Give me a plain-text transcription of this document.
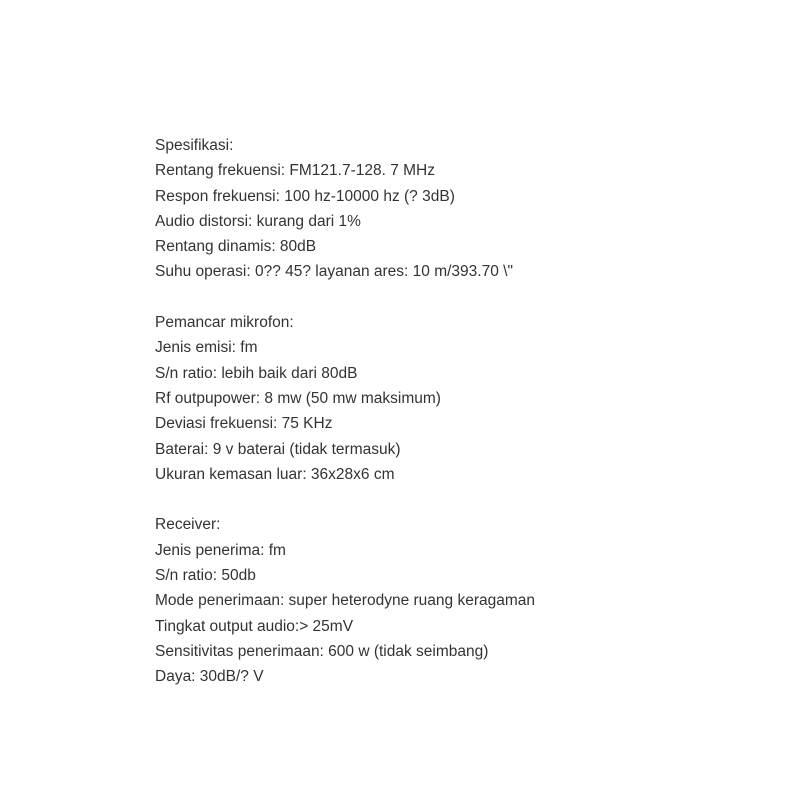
Spesifikasi:
Rentang frekuensi: FM121.7-128. 7 MHz
Respon frekuensi: 100 hz-10000 hz (? 3dB)
Audio distorsi: kurang dari 1%
Rentang dinamis: 80dB
Suhu operasi: 0?? 45? layanan ares: 10 m/393.70 \"
Pemancar mikrofon:
Jenis emisi: fm
S/n ratio: lebih baik dari 80dB
Rf outpupower: 8 mw (50 mw maksimum)
Deviasi frekuensi: 75 KHz
Baterai: 9 v baterai (tidak termasuk)
Ukuran kemasan luar: 36x28x6 cm
Receiver:
Jenis penerima: fm
S/n ratio: 50db
Mode penerimaan: super heterodyne ruang keragaman
Tingkat output audio:> 25mV
Sensitivitas penerimaan: 600 w (tidak seimbang)
Daya: 30dB/? V
